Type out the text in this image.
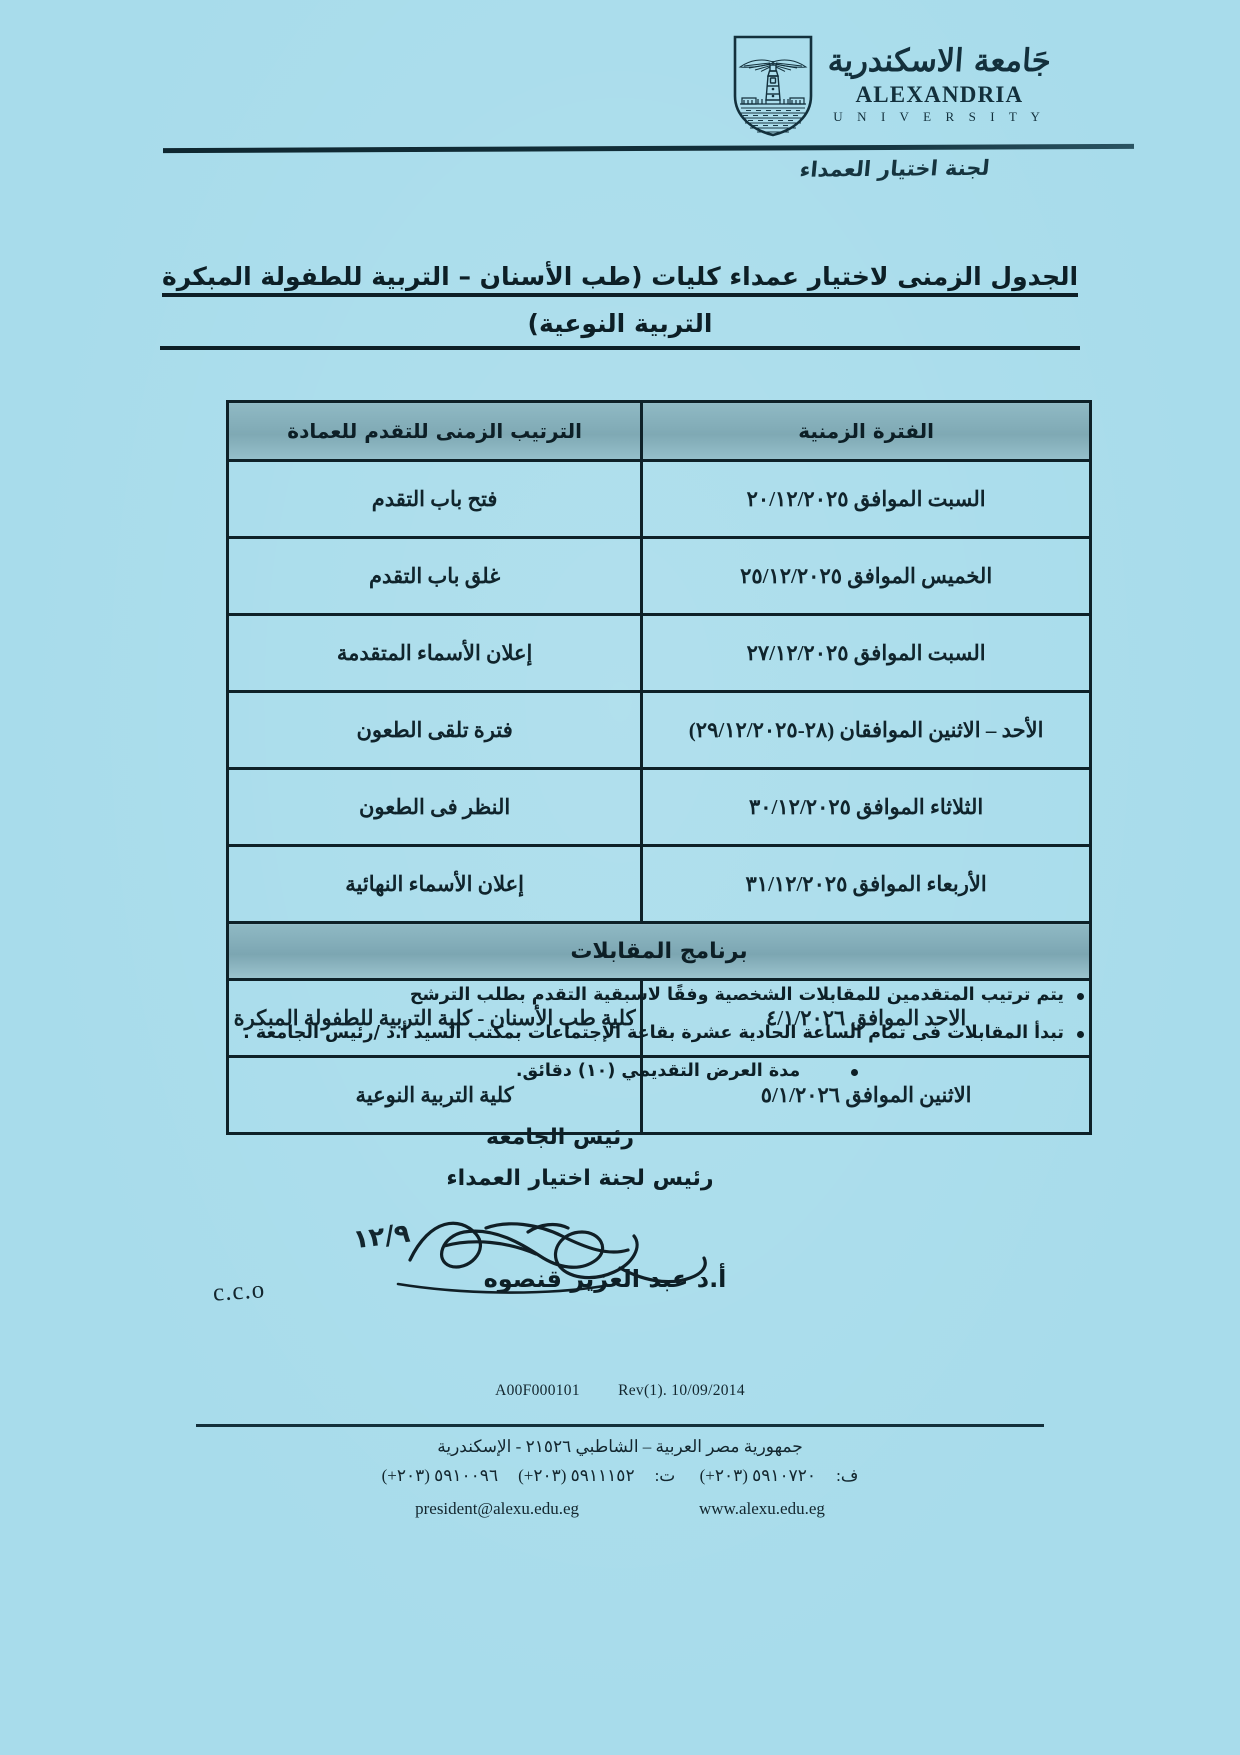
جَامعة الاسكندرية
ALEXANDRIA
U N I V E R S I T Y
لجنة اختيار العمداء
الجدول الزمنى لاختيار عمداء كليات (طب الأسنان – التربية للطفولة المبكرة
التربية النوعية)
الفترة الزمنية	الترتيب الزمنى للتقدم للعمادة
السبت الموافق ٢٠/١٢/٢٠٢٥	فتح باب التقدم
الخميس الموافق ٢٥/١٢/٢٠٢٥	غلق باب التقدم
السبت الموافق ٢٧/١٢/٢٠٢٥	إعلان الأسماء المتقدمة
الأحد – الاثنين الموافقان (٢٨-٢٩/١٢/٢٠٢٥)	فترة تلقى الطعون
الثلاثاء الموافق ٣٠/١٢/٢٠٢٥	النظر فى الطعون
الأربعاء الموافق ٣١/١٢/٢٠٢٥	إعلان الأسماء النهائية
برنامج المقابلات	
الاحد الموافق ٤/١/٢٠٢٦	كلية طب الأسنان - كلية التربية للطفولة المبكرة
الاثنين الموافق ٥/١/٢٠٢٦	كلية التربية النوعية
يتم ترتيب المتقدمين للمقابلات الشخصية وفقًا لاسبقية التقدم بطلب الترشح
تبدأ المقابلات فى تمام الساعة الحادية عشرة بقاعة الإجتماعات بمكتب السيد أ.د /رئيس الجامعة .
مدة العرض التقديمي (١٠) دقائق.
رئيس الجامعة
رئيس لجنة اختيار العمداء
أ.د عبد العزيز قنصوه
١٢/٩
c.c.o
A00F000101 Rev(1). 10/09/2014
جمهورية مصر العربية – الشاطبي ٢١٥٢٦ - الإسكندرية
ف:٥٩١٠٧٢٠ (٢٠٣+) ت:٥٩١١١٥٢ (٢٠٣+)٥٩١٠٠٩٦ (٢٠٣+)
president@alexu.edu.eg	www.alexu.edu.eg
